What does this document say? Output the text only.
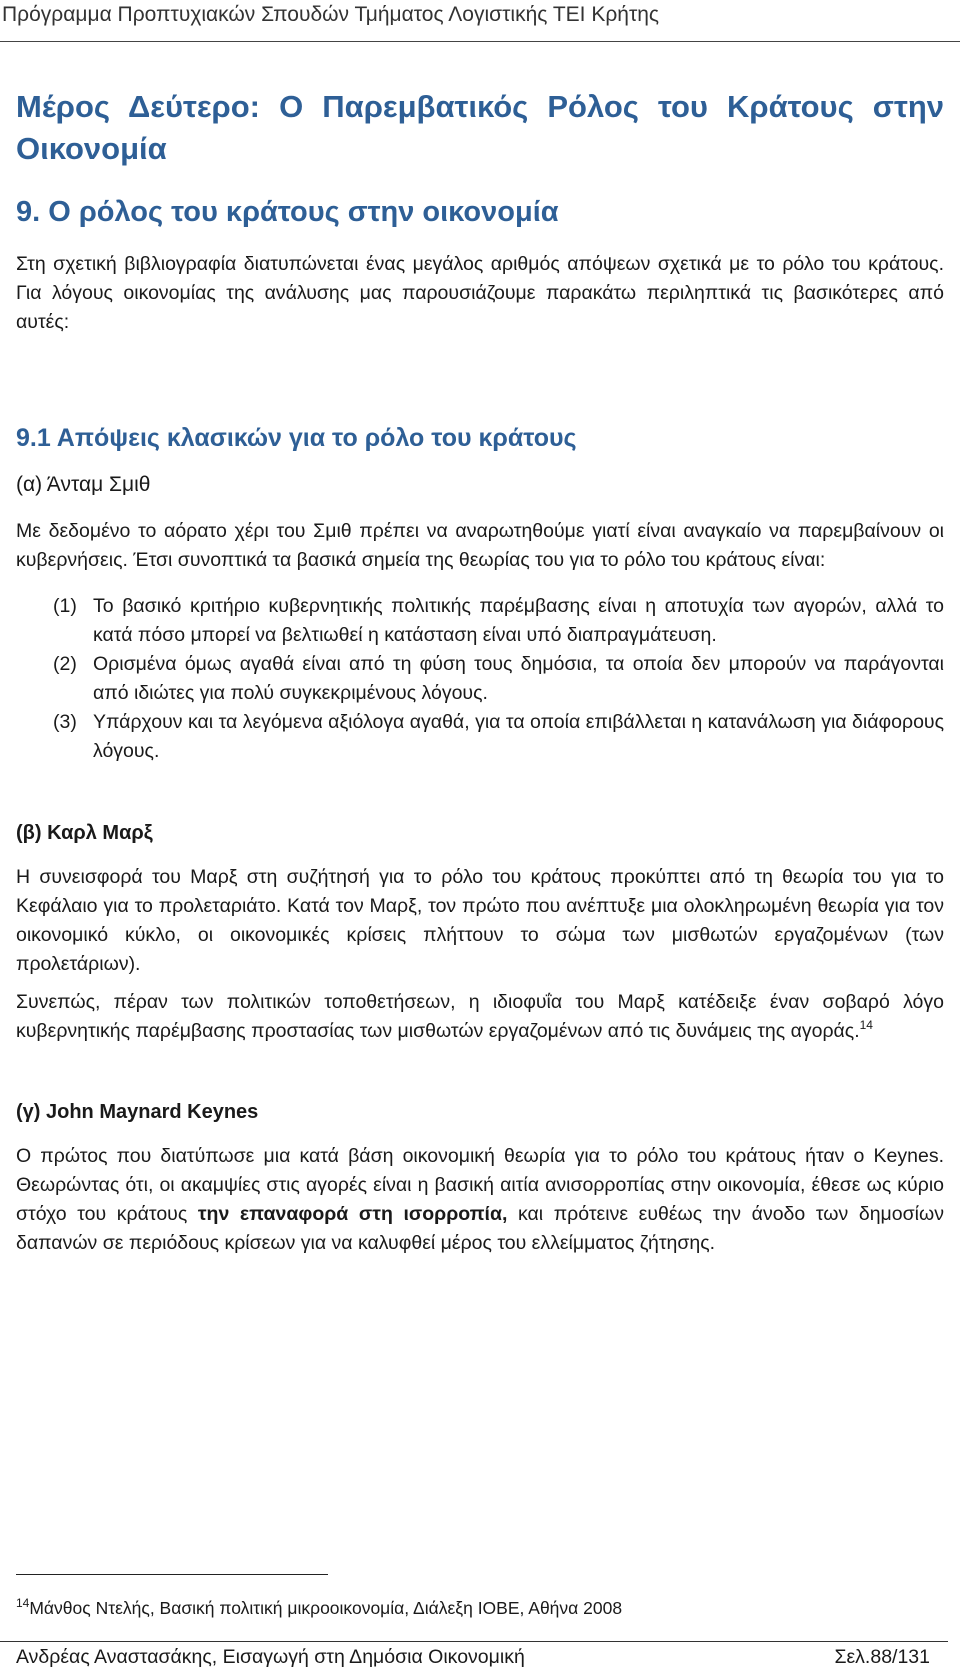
Πρόγραμμα Προπτυχιακών Σπουδών Τμήματος Λογιστικής ΤΕΙ Κρήτης
Μέρος Δεύτερο: Ο Παρεμβατικός Ρόλος του Κράτους στην Οικονομία
9. Ο ρόλος του κράτους στην οικονομία

Στη σχετική βιβλιογραφία διατυπώνεται ένας μεγάλος αριθμός απόψεων σχετικά με το ρόλο του κράτους. Για λόγους οικονομίας της ανάλυσης μας παρουσιάζουμε παρακάτω περιληπτικά τις βασικότερες από αυτές:

9.1 Απόψεις κλασικών για το ρόλο του κράτους
(α) Άνταμ Σμιθ

Με δεδομένο το αόρατο χέρι του Σμιθ πρέπει να αναρωτηθούμε γιατί είναι αναγκαίο να παρεμβαίνουν οι κυβερνήσεις. Έτσι συνοπτικά τα βασικά σημεία της θεωρίας του για το ρόλο του κράτους είναι:

(1) Το βασικό κριτήριο κυβερνητικής πολιτικής παρέμβασης είναι η αποτυχία των αγορών, αλλά το κατά πόσο μπορεί να βελτιωθεί η κατάσταση είναι υπό διαπραγμάτευση.
(2) Ορισμένα όμως αγαθά είναι από τη φύση τους δημόσια, τα οποία δεν μπορούν να παράγονται από ιδιώτες για πολύ συγκεκριμένους λόγους.
(3) Υπάρχουν και τα λεγόμενα αξιόλογα αγαθά, για τα οποία επιβάλλεται η κατανάλωση για διάφορους λόγους.
(β) Καρλ Μαρξ

Η συνεισφορά του Μαρξ στη συζήτησή για το ρόλο του κράτους προκύπτει από τη θεωρία του για το Κεφάλαιο για το προλεταριάτο. Κατά τον Μαρξ, τον πρώτο που ανέπτυξε μια ολοκληρωμένη θεωρία για τον οικονομικό κύκλο, οι οικονομικές κρίσεις πλήττουν το σώμα των μισθωτών εργαζομένων (των προλετάριων).

Συνεπώς, πέραν των πολιτικών τοποθετήσεων, η ιδιοφυΐα του Μαρξ κατέδειξε έναν σοβαρό λόγο κυβερνητικής παρέμβασης προστασίας των μισθωτών εργαζομένων από τις δυνάμεις της αγοράς.$^{14}$

(γ) John Maynard Keynes

Ο πρώτος που διατύπωσε μια κατά βάση οικονομική θεωρία για το ρόλο του κράτους ήταν ο Keynes. Θεωρώντας ότι, οι ακαμψίες στις αγορές είναι η βασική αιτία ανισορροπίας στην οικονομία, έθεσε ως κύριο στόχο του κράτους την επαναφορά στη ισορροπία, και πρότεινε ευθέως την άνοδο των δημοσίων δαπανών σε περιόδους κρίσεων για να καλυφθεί μέρος του ελλείμματος ζήτησης.

$^{14}$Μάνθος Ντελής, Βασική πολιτική μικροοικονομία, Διάλεξη ΙΟΒΕ, Αθήνα 2008
Ανδρέας Αναστασάκης, Εισαγωγή στη Δημόσια Οικονομική	Σελ.88/131
